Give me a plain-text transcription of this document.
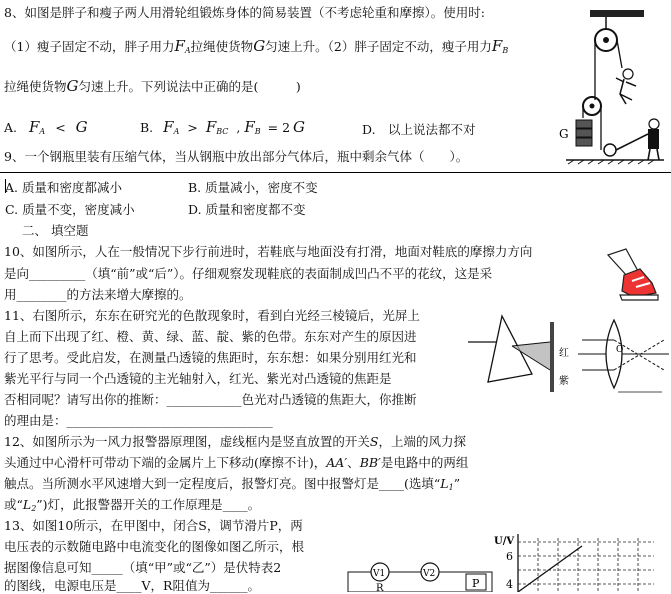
8、如图是胖子和瘦子两人用滑轮组锻炼身体的简易装置（不考虑轮重和摩擦）。使用时:
（1）瘦子固定不动，胖子用力$F_A$拉绳使货物G匀速上升。（2）胖子固定不动，瘦子用力$F_B$
拉绳使货物G匀速上升。下列说法中正确的是(　　　)
A. $F_A < G$	B. $F_A > F_{BC}$ , $F_B = 2$ G	D.　以上说法都不对	G
9、一个钢瓶里装有压缩气体，当从钢瓶中放出部分气体后，瓶中剩余气体（　　）。
A. 质量和密度都减小	B. 质量减小，密度不变
C. 质量不变，密度减小	D. 质量和密度都不变
二、 填空题
10、如图所示，人在一般情况下步行前进时，若鞋底与地面没有打滑，地面对鞋底的摩擦力方向
是向_________（填“前”或“后”）。仔细观察发现鞋底的表面制成凹凸不平的花纹，这是采
用________的方法来增大摩擦的。
11、右图所示，东东在研究光的色散现象时，看到白光经三棱镜后，光屏上
自上而下出现了红、橙、黄、绿、蓝、靛、紫的色带。东东对产生的原因进
行了思考。受此启发，在测量凸透镜的焦距时，东东想：如果分别用红光和
紫光平行与同一个凸透镜的主光轴射入，红光、紫光对凸透镜的焦距是
否相同呢？请写出你的推断：____________色光对凸透镜的焦距大，你推断
的理由是：_________________________________
红
紫
O
12、如图所示为一风力报警器原理图，虚线框内是竖直放置的开关S，上端的风力探
头通过中心滑杆可带动下端的金属片上下移动(摩擦不计)，AA′、BB′是电路中的两组
触点。当所测水平风速增大到一定程度后，报警灯亮。图中报警灯是____(选填“$L_1$”
或“$L_2$”)灯，此报警器开关的工作原理是____。
13、如图10所示，在甲图中，闭合S，调节滑片P，两
电压表的示数随电路中电流变化的图像如图乙所示，根
据图像信息可知_____（填“甲”或“乙”）是伏特表2
的图线，电源电压是____V，R阻值为______。
V1	V2
P
R
U/V
6
4
